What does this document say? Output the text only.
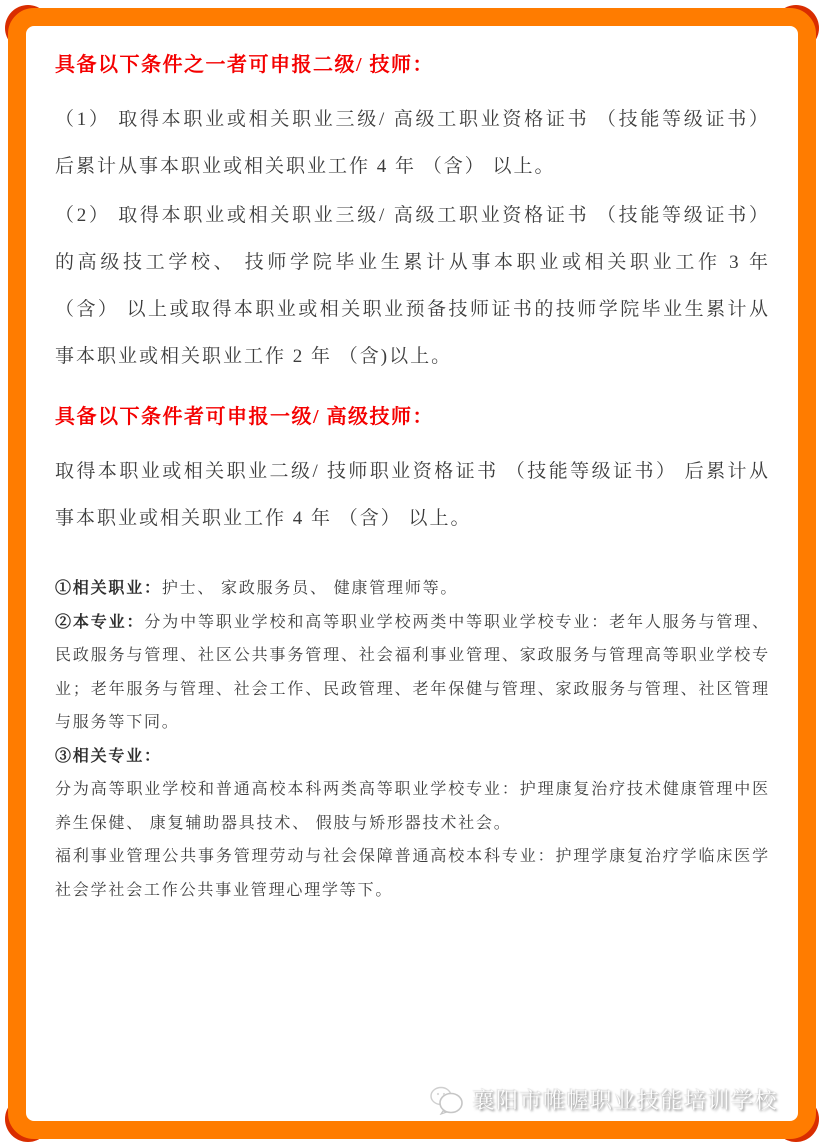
具备以下条件之一者可申报二级/ 技师：

（1） 取得本职业或相关职业三级/ 高级工职业资格证书 （技能等级证书） 后累计从事本职业或相关职业工作 4 年 （含） 以上。

（2） 取得本职业或相关职业三级/ 高级工职业资格证书 （技能等级证书） 的高级技工学校、 技师学院毕业生累计从事本职业或相关职业工作 3 年 （含） 以上或取得本职业或相关职业预备技师证书的技师学院毕业生累计从事本职业或相关职业工作 2 年 （含)以上。

具备以下条件者可申报一级/ 高级技师：

取得本职业或相关职业二级/ 技师职业资格证书 （技能等级证书） 后累计从事本职业或相关职业工作 4 年 （含） 以上。

①相关职业：护士、 家政服务员、 健康管理师等。

②本专业：分为中等职业学校和高等职业学校两类中等职业学校专业：老年人服务与管理、民政服务与管理、社区公共事务管理、社会福利事业管理、家政服务与管理高等职业学校专业；老年服务与管理、社会工作、民政管理、老年保健与管理、家政服务与管理、社区管理与服务等下同。

③相关专业：

分为高等职业学校和普通高校本科两类高等职业学校专业：护理康复治疗技术健康管理中医养生保健、 康复辅助器具技术、 假肢与矫形器技术社会。

福利事业管理公共事务管理劳动与社会保障普通高校本科专业：护理学康复治疗学临床医学社会学社会工作公共事业管理心理学等下。

襄阳市帷幄职业技能培训学校
